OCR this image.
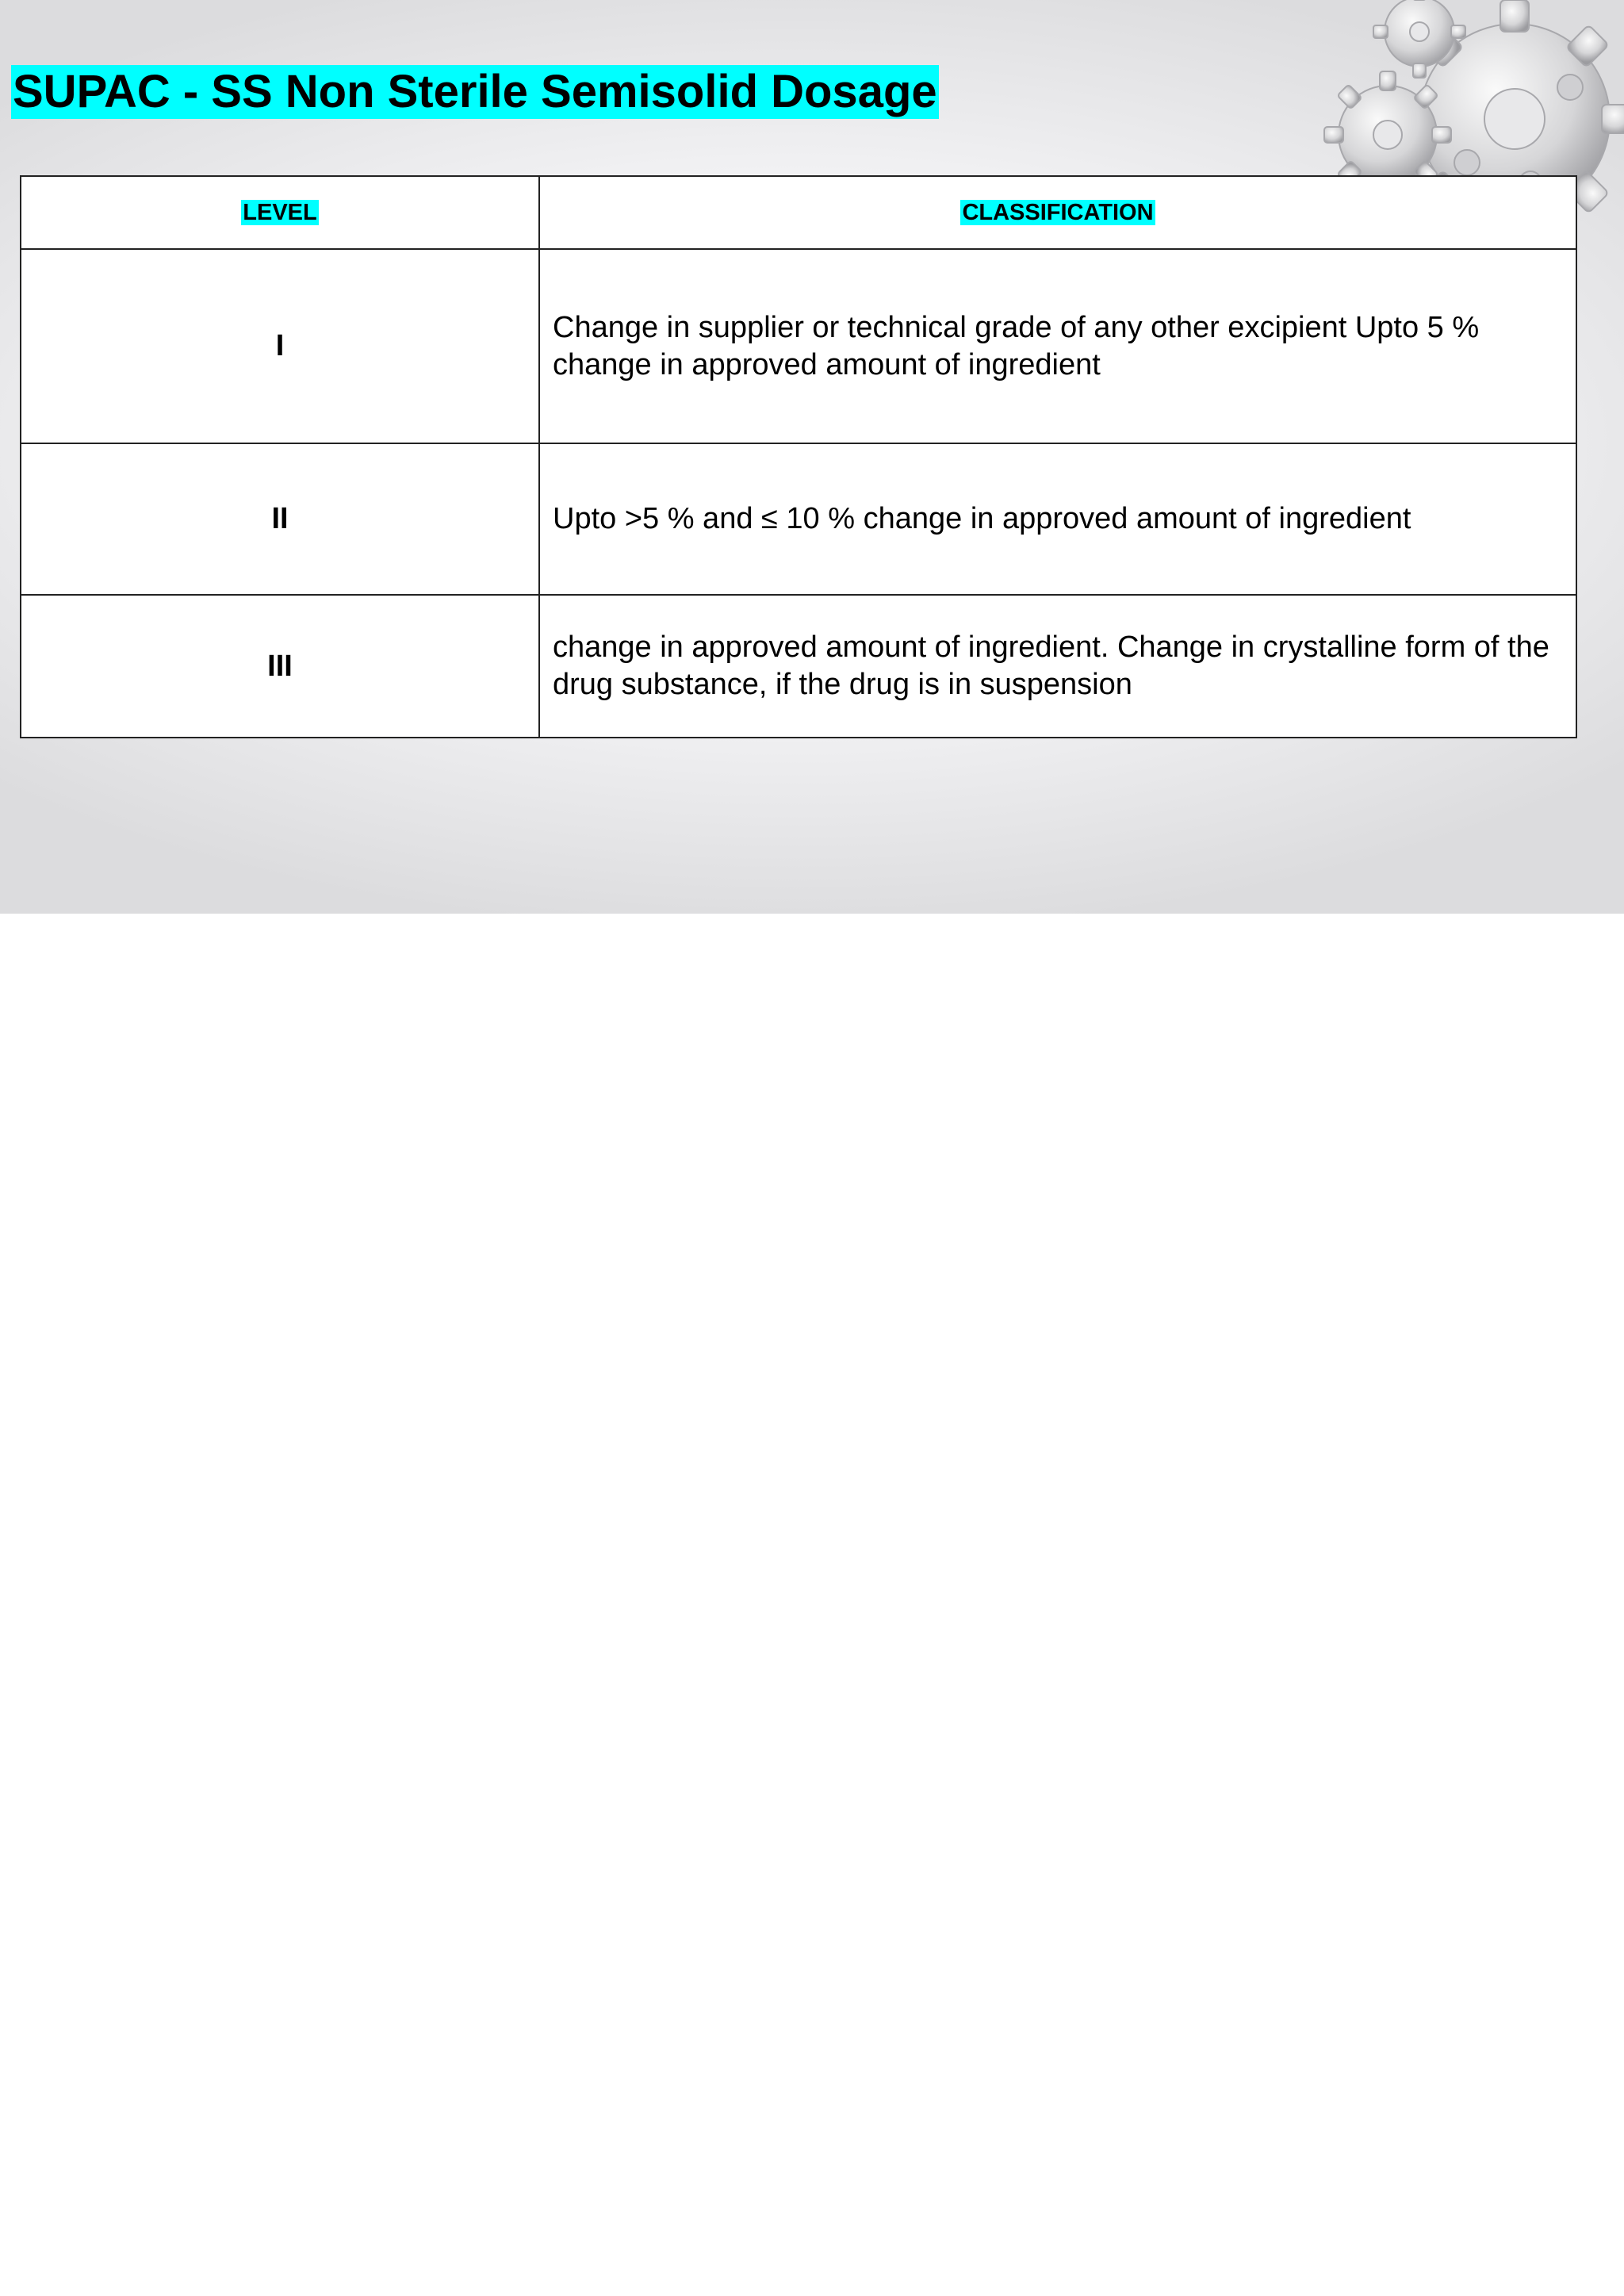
SUPAC - SS Non Sterile Semisolid Dosage
LEVEL	CLASSIFICATION
I	Change in supplier or technical grade of any other excipient Upto 5 % change in approved amount of ingredient
II	Upto >5 % and ≤ 10 % change in approved amount of ingredient
III	change in approved amount of ingredient. Change in crystalline form of the drug substance, if the drug is in suspension
